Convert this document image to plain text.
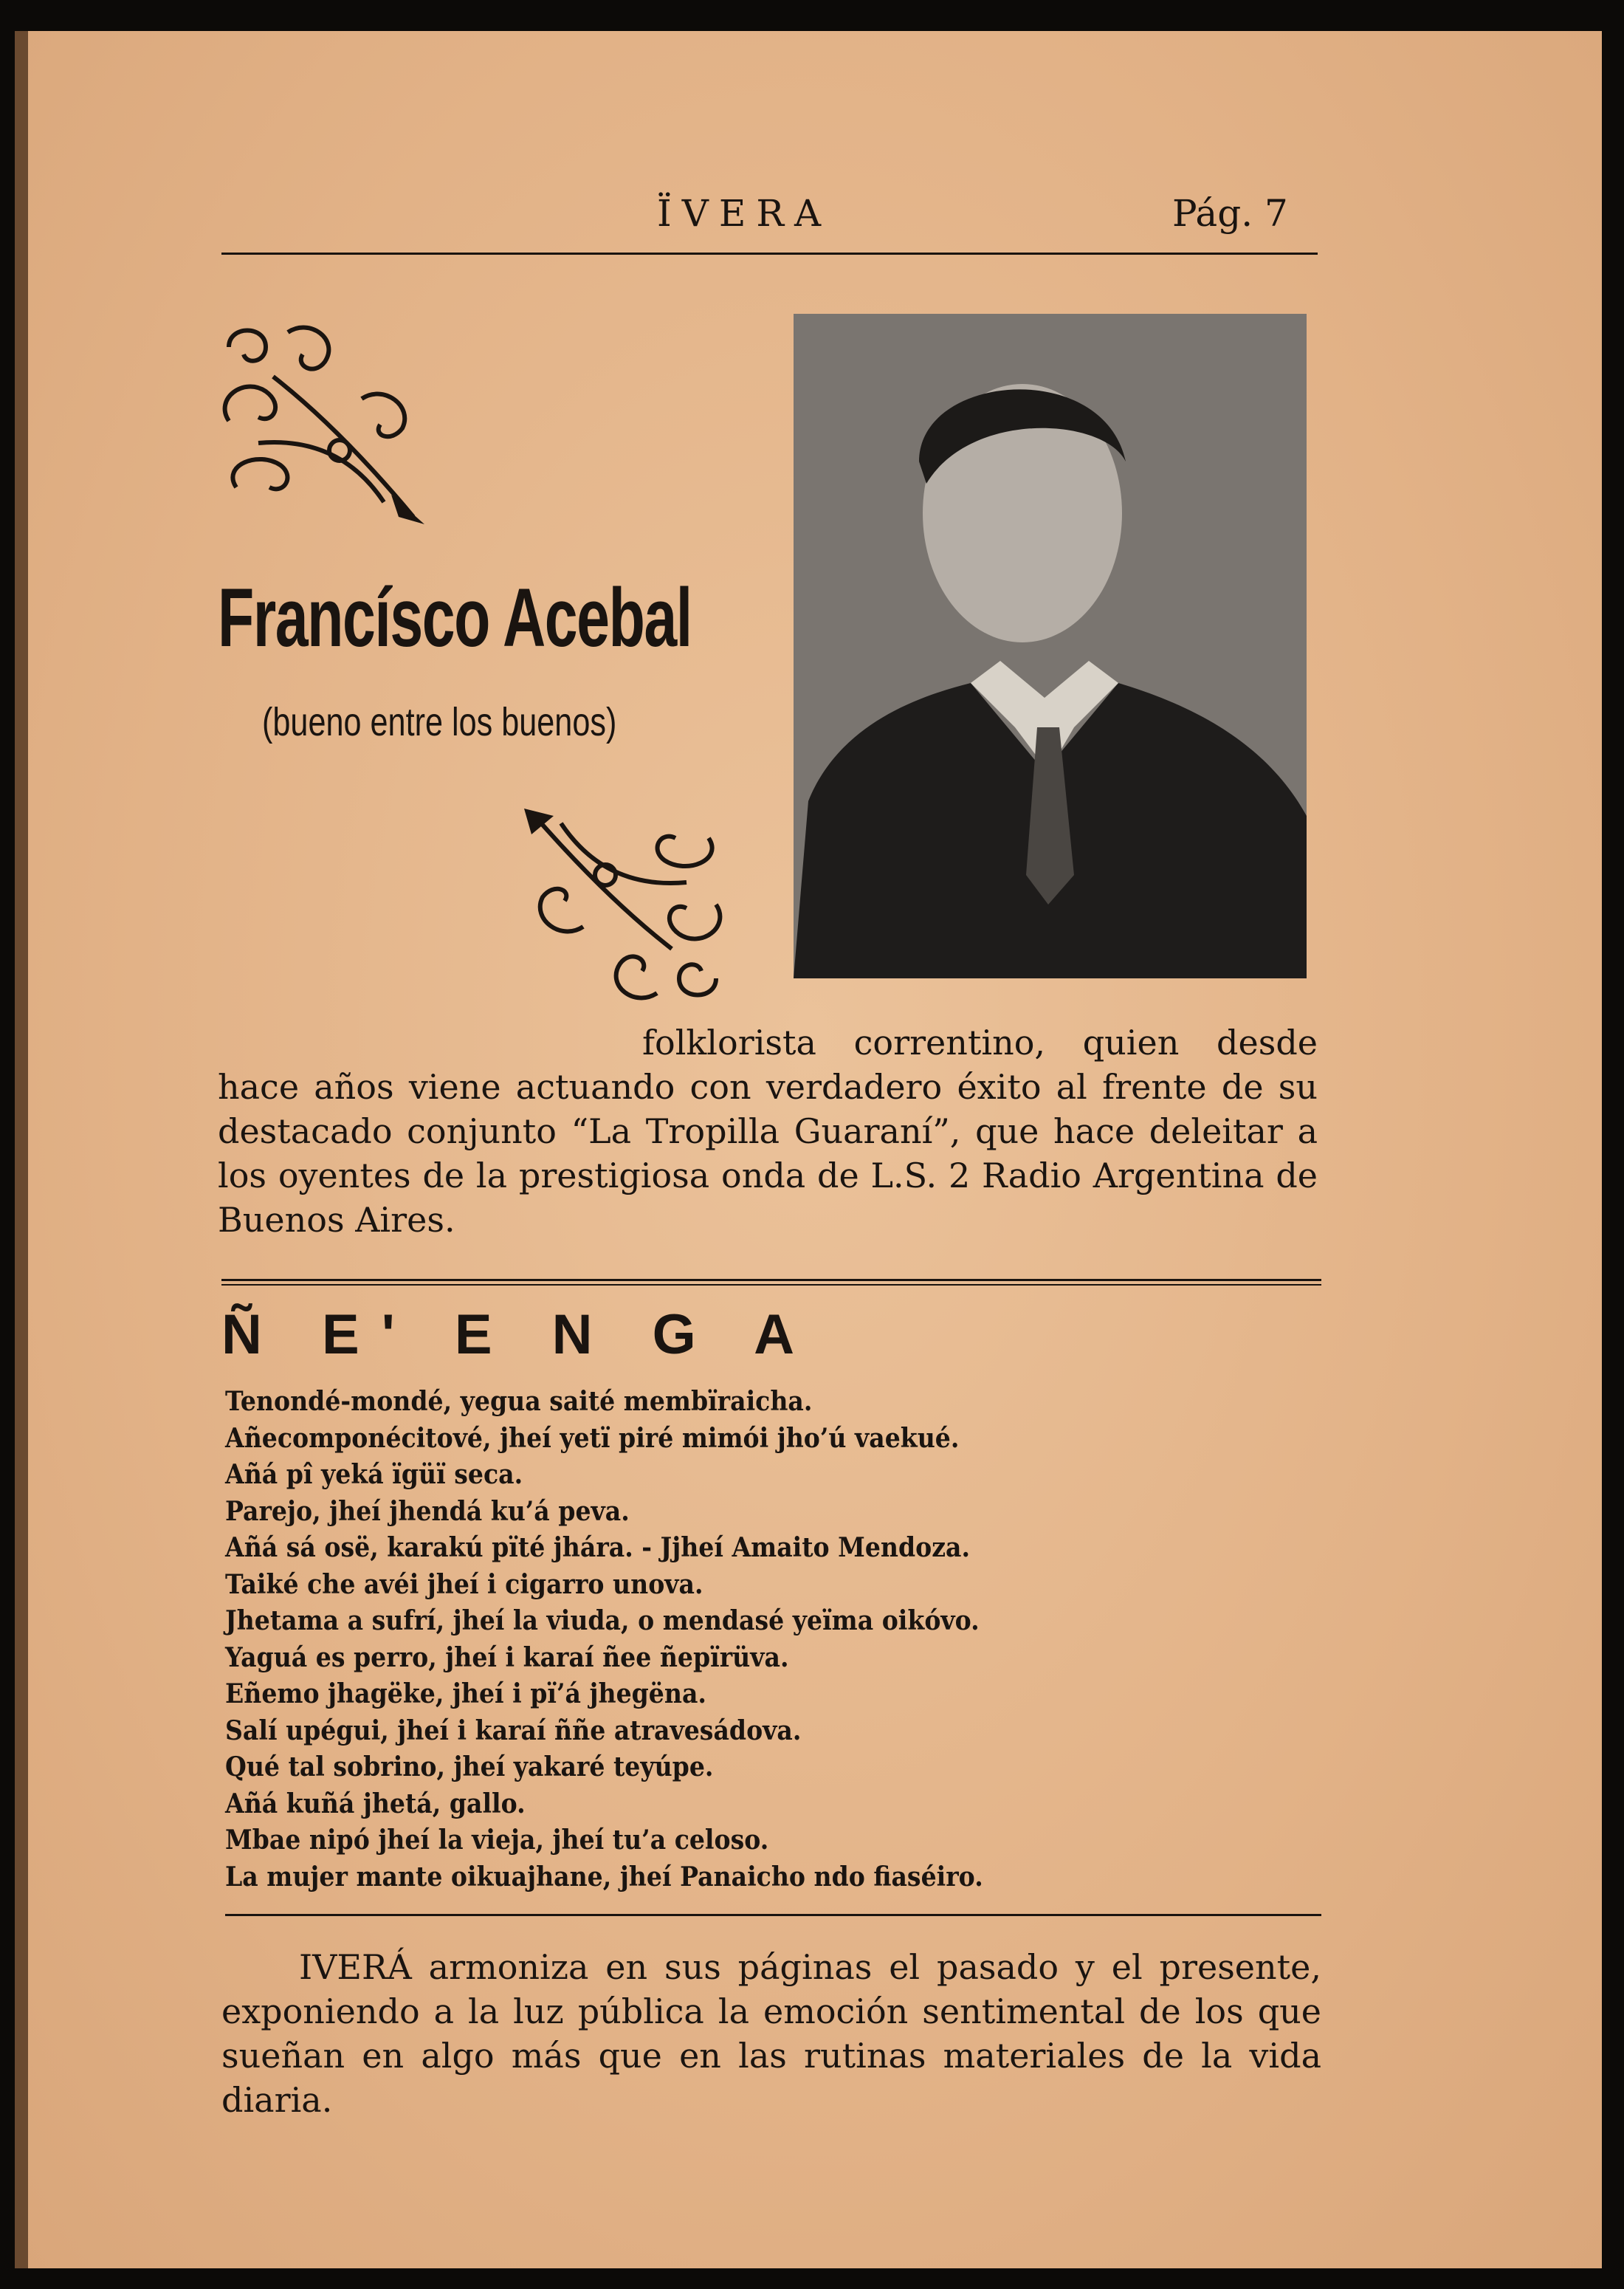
ÏVERA	Pág. 7
Francísco Acebal
(bueno entre los buenos)
folklorista correntino, quien desde
hace años viene actuando con verdadero éxito al frente de su destacado conjunto “La Tropilla Guaraní”, que hace deleitar a los oyentes de la prestigiosa onda de L.S. 2 Radio Argentina de Buenos Aires.
Ñ E' E N G A
Tenondé-mondé, yegua saité membïraicha.
Añecomponécitové, jheí yetï piré mimói jho’ú vaekué.
Añá pî yeká ïgüï seca.
Parejo, jheí jhendá ku’á peva.
Añá sá osë, karakú pïté jhára. - Jjheí Amaito Mendoza.
Taiké che avéi jheí i cigarro unova.
Jhetama a sufrí, jheí la viuda, o mendasé yeïma oikóvo.
Yaguá es perro, jheí i karaí ñee ñepïrüva.
Eñemo jhagëke, jheí i pï’á jhegëna.
Salí upégui, jheí i karaí ññe atravesádova.
Qué tal sobrino, jheí yakaré teyúpe.
Añá kuñá jhetá, gallo.
Mbae nipó jheí la vieja, jheí tu’a celoso.
La mujer mante oikuajhane, jheí Panaicho ndo fiaséiro.
IVERÁ armoniza en sus páginas el pasado y el presente, exponiendo a la luz pública la emoción sentimental de los que sueñan en algo más que en las rutinas materiales de la vida diaria.
